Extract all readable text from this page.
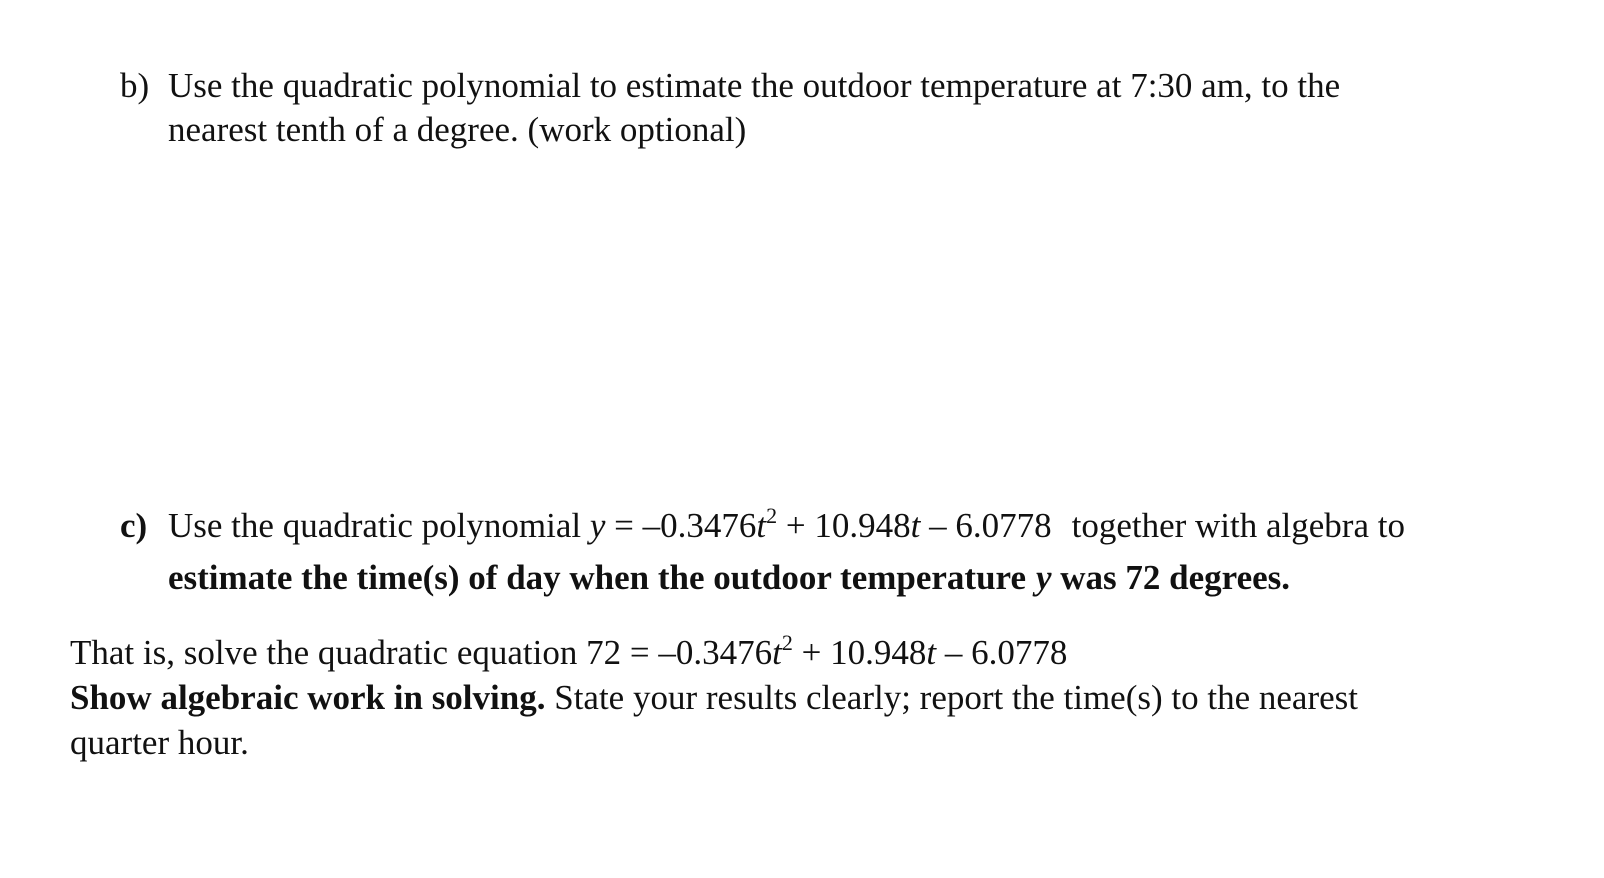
b) Use the quadratic polynomial to estimate the outdoor temperature at 7:30 am, to the
nearest tenth of a degree. (work optional)
c) Use the quadratic polynomial $y = -0.3476t^2 + 10.948t - 6.0778$ together with algebra to
estimate the time(s) of day when the outdoor temperature y was 72 degrees.
That is, solve the quadratic equation $72 = -0.3476t^2 + 10.948t - 6.0778$
Show algebraic work in solving. State your results clearly; report the time(s) to the nearest
quarter hour.
